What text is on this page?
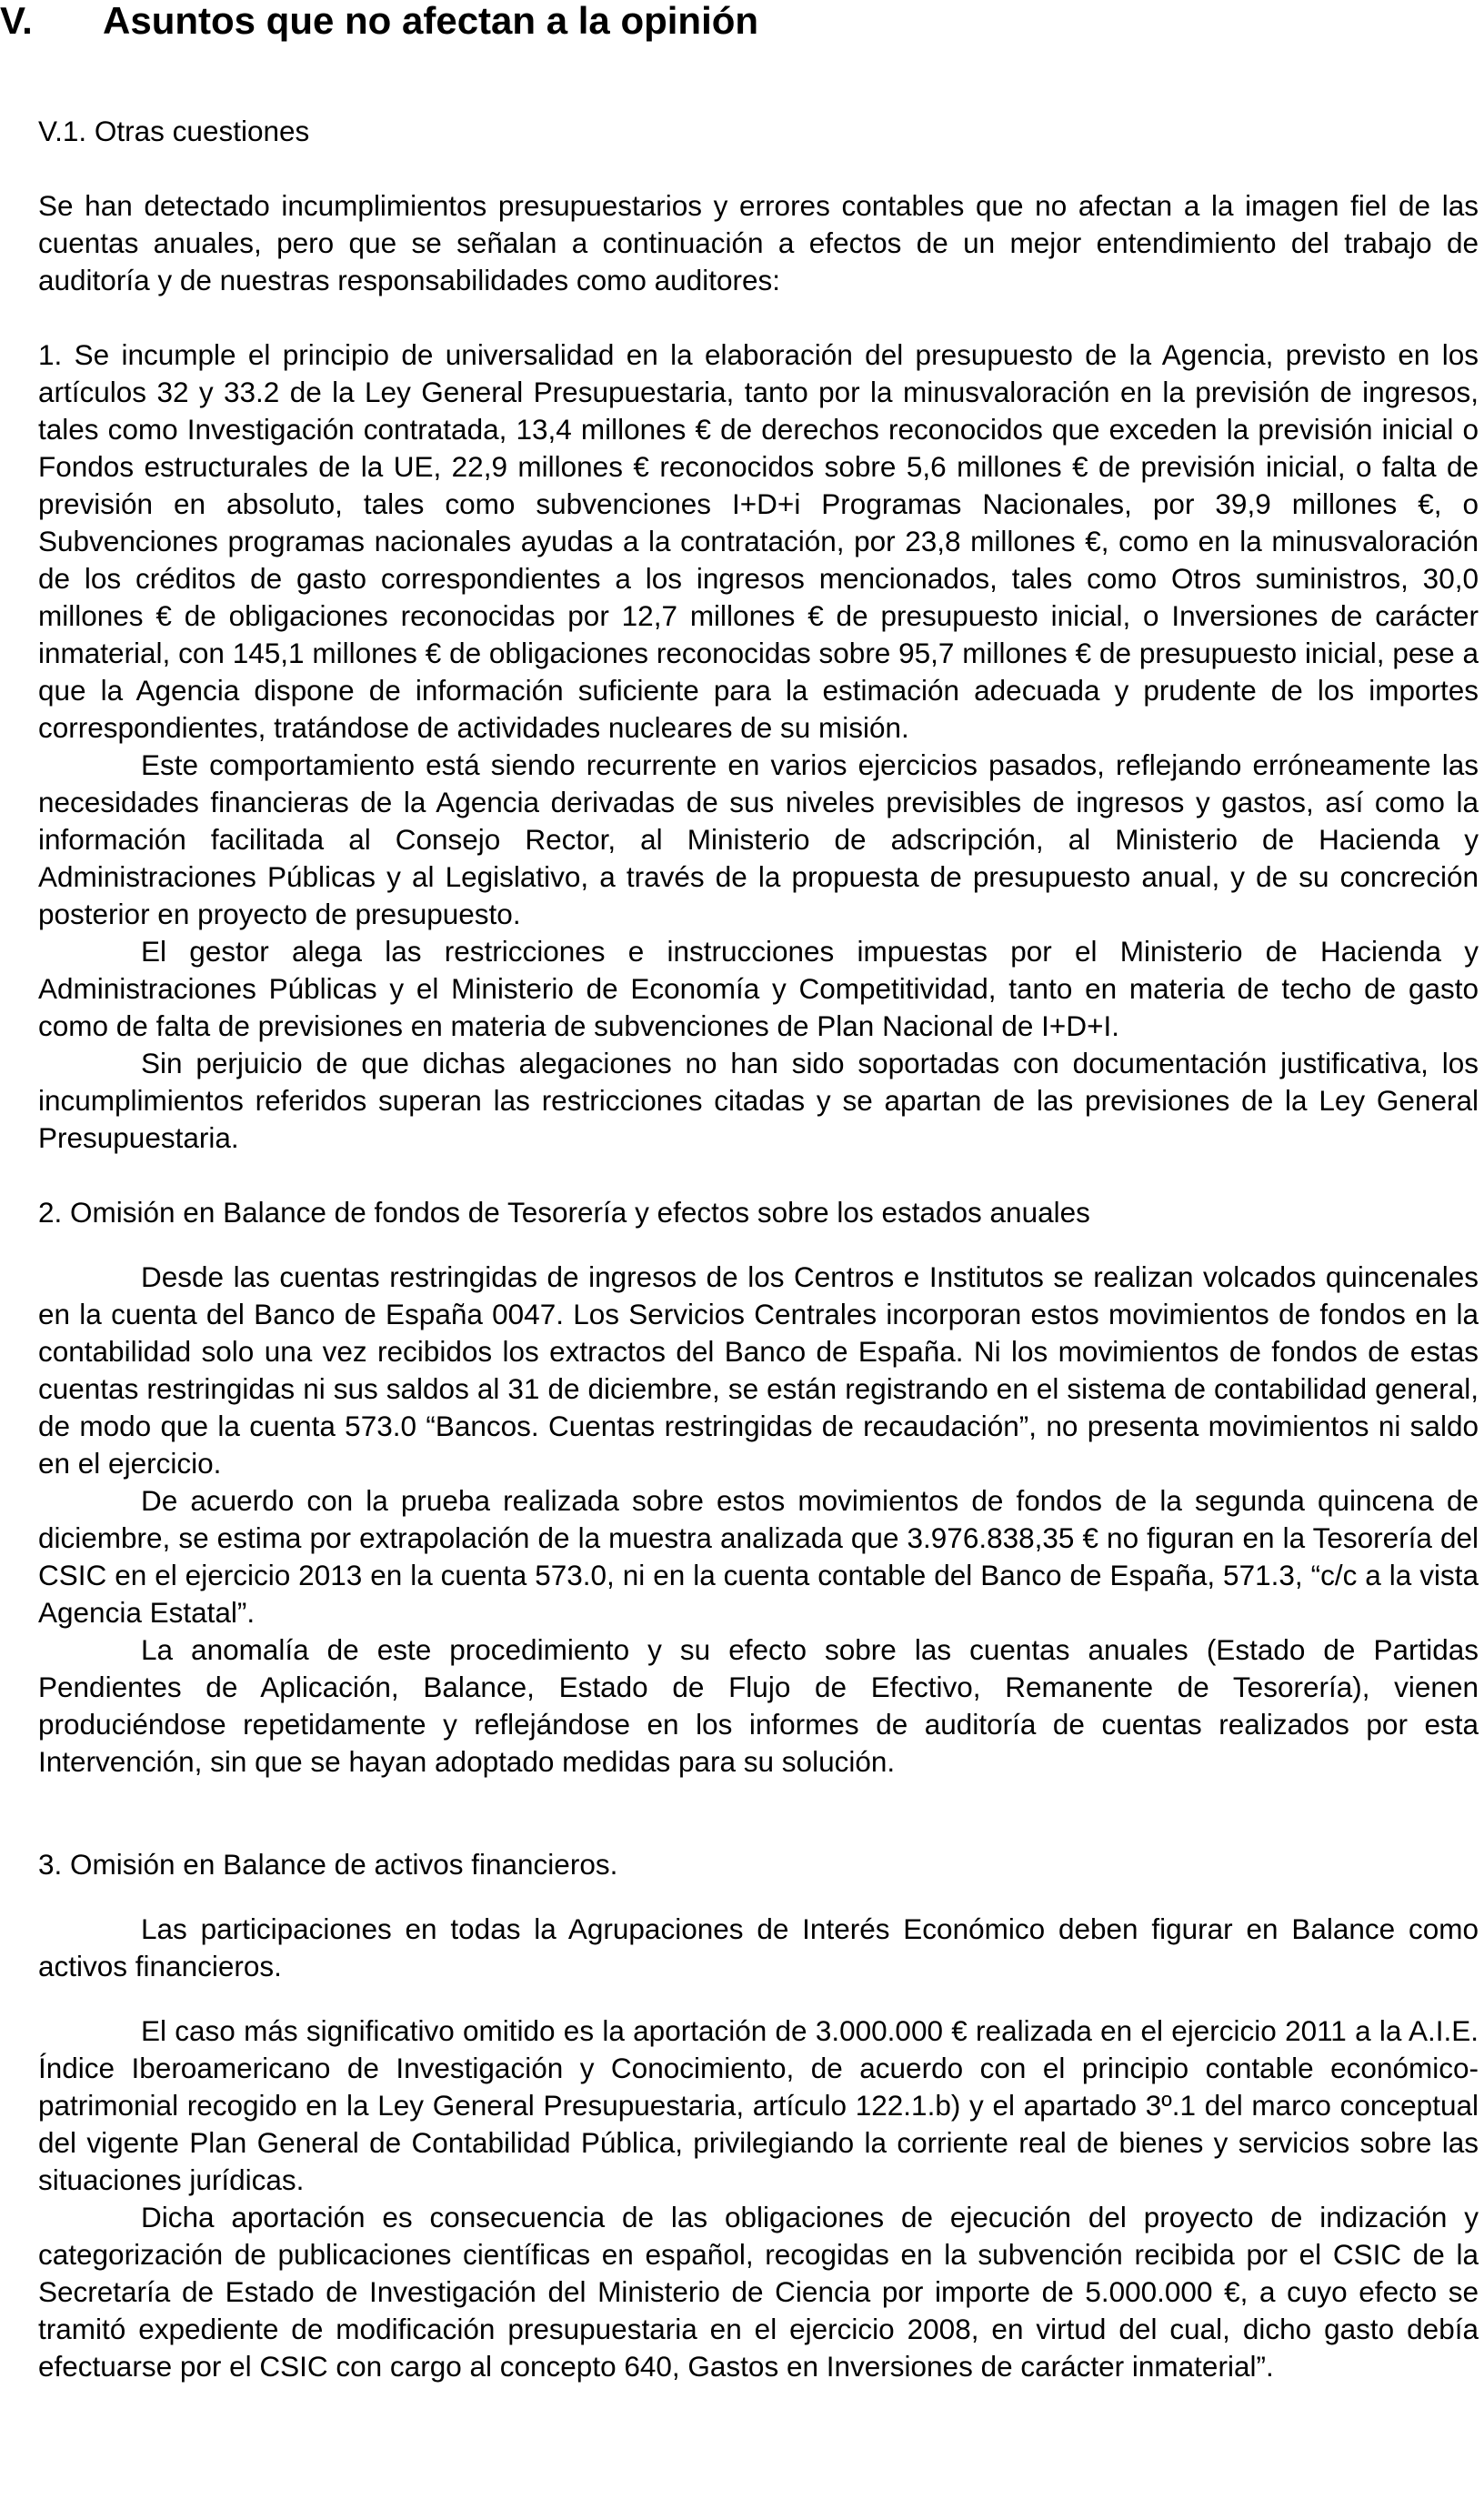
V. Asuntos que no afectan a la opinión

V.1. Otras cuestiones

Se han detectado incumplimientos presupuestarios y errores contables que no afectan a la imagen fiel de las cuentas anuales, pero que se señalan a continuación a efectos de un mejor entendimiento del trabajo de auditoría y de nuestras responsabilidades como auditores:

1. Se incumple el principio de universalidad en la elaboración del presupuesto de la Agencia, previsto en los artículos 32 y 33.2 de la Ley General Presupuestaria, tanto por la minusvaloración en la previsión de ingresos, tales como Investigación contratada, 13,4 millones € de derechos reconocidos que exceden la previsión inicial o Fondos estructurales de la UE, 22,9 millones € reconocidos sobre 5,6 millones € de previsión inicial, o falta de previsión en absoluto, tales como subvenciones I+D+i Programas Nacionales, por 39,9 millones €, o Subvenciones programas nacionales ayudas a la contratación, por 23,8 millones €, como en la minusvaloración de los créditos de gasto correspondientes a los ingresos mencionados, tales como Otros suministros, 30,0 millones € de obligaciones reconocidas por 12,7 millones € de presupuesto inicial, o Inversiones de carácter inmaterial, con 145,1 millones € de obligaciones reconocidas sobre 95,7 millones € de presupuesto inicial, pese a que la Agencia dispone de información suficiente para la estimación adecuada y prudente de los importes correspondientes, tratándose de actividades nucleares de su misión.

Este comportamiento está siendo recurrente en varios ejercicios pasados, reflejando erróneamente las necesidades financieras de la Agencia derivadas de sus niveles previsibles de ingresos y gastos, así como la información facilitada al Consejo Rector, al Ministerio de adscripción, al Ministerio de Hacienda y Administraciones Públicas y al Legislativo, a través de la propuesta de presupuesto anual, y de su concreción posterior en proyecto de presupuesto.

El gestor alega las restricciones e instrucciones impuestas por el Ministerio de Hacienda y Administraciones Públicas y el Ministerio de Economía y Competitividad, tanto en materia de techo de gasto como de falta de previsiones en materia de subvenciones de Plan Nacional de I+D+I.

Sin perjuicio de que dichas alegaciones no han sido soportadas con documentación justificativa, los incumplimientos referidos superan las restricciones citadas y se apartan de las previsiones de la Ley General Presupuestaria.

2. Omisión en Balance de fondos de Tesorería y efectos sobre los estados anuales

Desde las cuentas restringidas de ingresos de los Centros e Institutos se realizan volcados quincenales en la cuenta del Banco de España 0047. Los Servicios Centrales incorporan estos movimientos de fondos en la contabilidad solo una vez recibidos los extractos del Banco de España. Ni los movimientos de fondos de estas cuentas restringidas ni sus saldos al 31 de diciembre, se están registrando en el sistema de contabilidad general, de modo que la cuenta 573.0 “Bancos. Cuentas restringidas de recaudación”, no presenta movimientos ni saldo en el ejercicio.

De acuerdo con la prueba realizada sobre estos movimientos de fondos de la segunda quincena de diciembre, se estima por extrapolación de la muestra analizada que 3.976.838,35 € no figuran en la Tesorería del CSIC en el ejercicio 2013 en la cuenta 573.0, ni en la cuenta contable del Banco de España, 571.3, “c/c a la vista Agencia Estatal”.

La anomalía de este procedimiento y su efecto sobre las cuentas anuales (Estado de Partidas Pendientes de Aplicación, Balance, Estado de Flujo de Efectivo, Remanente de Tesorería), vienen produciéndose repetidamente y reflejándose en los informes de auditoría de cuentas realizados por esta Intervención, sin que se hayan adoptado medidas para su solución.

3. Omisión en Balance de activos financieros.

Las participaciones en todas la Agrupaciones de Interés Económico deben figurar en Balance como activos financieros.

El caso más significativo omitido es la aportación de 3.000.000 € realizada en el ejercicio 2011 a la A.I.E. Índice Iberoamericano de Investigación y Conocimiento, de acuerdo con el principio contable económico-patrimonial recogido en la Ley General Presupuestaria, artículo 122.1.b) y el apartado 3º.1 del marco conceptual del vigente Plan General de Contabilidad Pública, privilegiando la corriente real de bienes y servicios sobre las situaciones jurídicas.

Dicha aportación es consecuencia de las obligaciones de ejecución del proyecto de indización y categorización de publicaciones científicas en español, recogidas en la subvención recibida por el CSIC de la Secretaría de Estado de Investigación del Ministerio de Ciencia por importe de 5.000.000 €, a cuyo efecto se tramitó expediente de modificación presupuestaria en el ejercicio 2008, en virtud del cual, dicho gasto debía efectuarse por el CSIC con cargo al concepto 640, Gastos en Inversiones de carácter inmaterial”.
